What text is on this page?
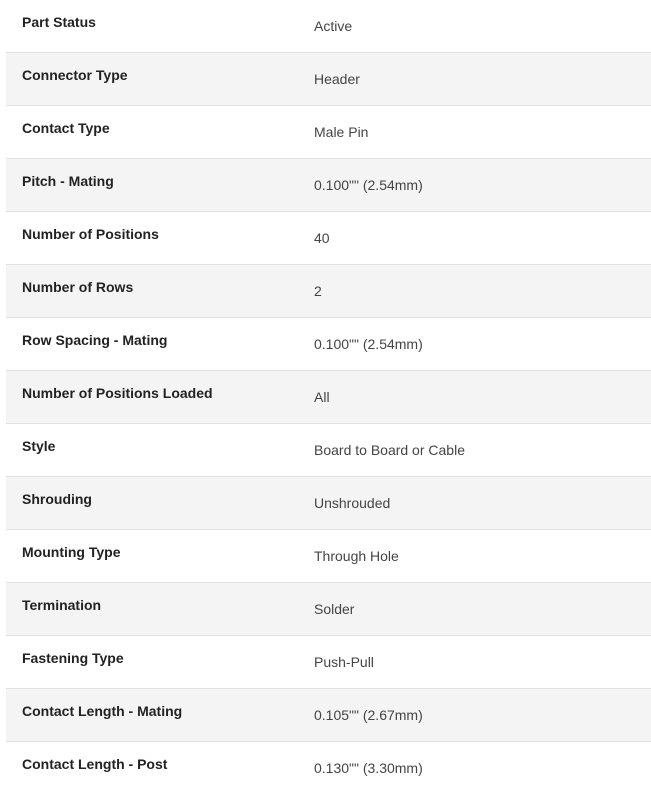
Part Status	Active
Connector Type	Header
Contact Type	Male Pin
Pitch - Mating	0.100"" (2.54mm)
Number of Positions	40
Number of Rows	2
Row Spacing - Mating	0.100"" (2.54mm)
Number of Positions Loaded	All
Style	Board to Board or Cable
Shrouding	Unshrouded
Mounting Type	Through Hole
Termination	Solder
Fastening Type	Push-Pull
Contact Length - Mating	0.105"" (2.67mm)
Contact Length - Post	0.130"" (3.30mm)
